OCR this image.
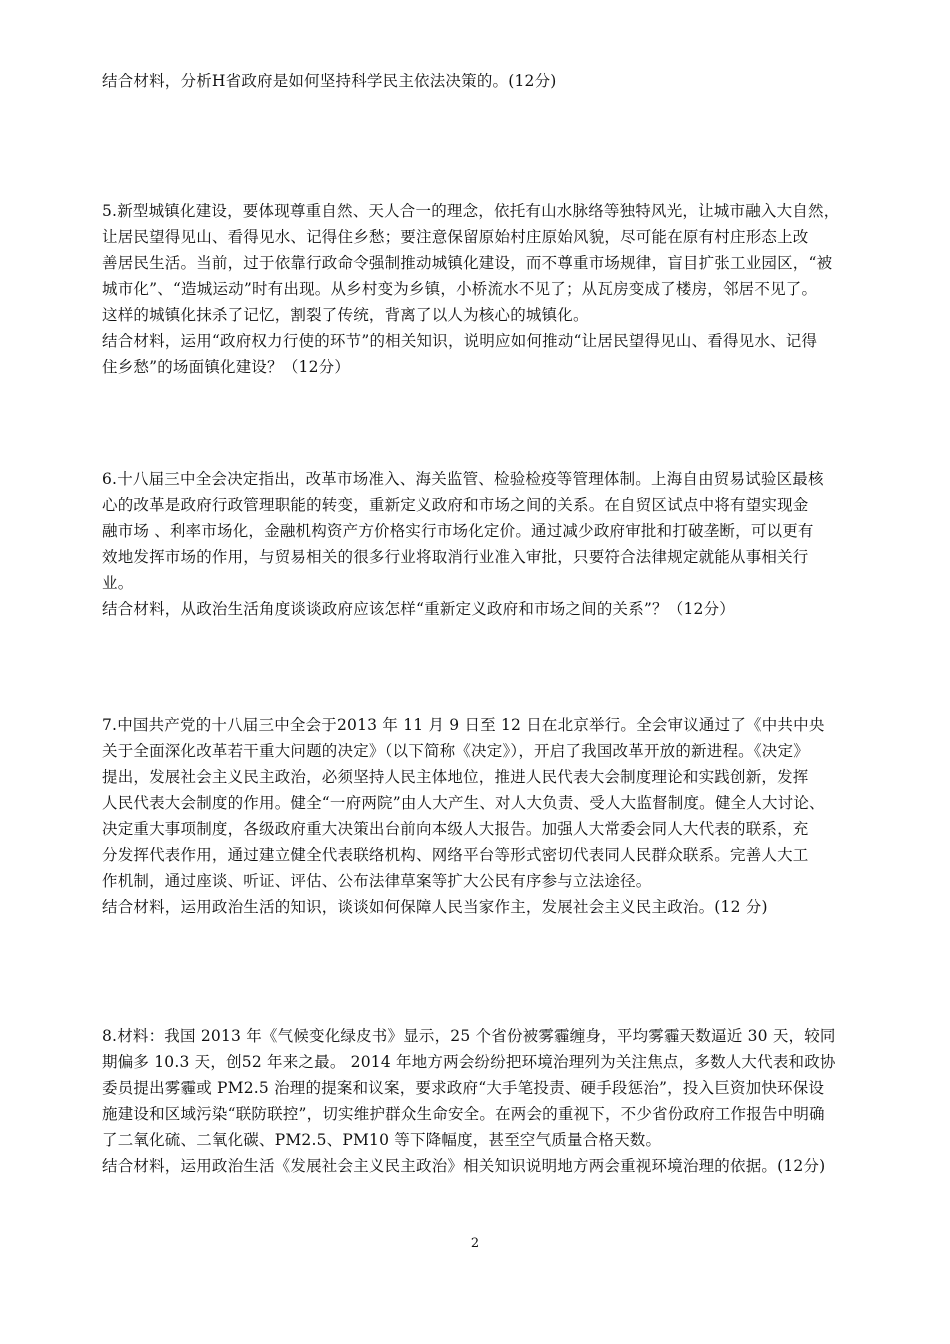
结合材料，分析H省政府是如何坚持科学民主依法决策的。(12分)
5.新型城镇化建设，要体现尊重自然、天人合一的理念，依托有山水脉络等独特风光，让城市融入大自然，
让居民望得见山、看得见水、记得住乡愁；要注意保留原始村庄原始风貌，尽可能在原有村庄形态上改
善居民生活。当前，过于依靠行政命令强制推动城镇化建设，而不尊重市场规律，盲目扩张工业园区，“被
城市化”、“造城运动”时有出现。从乡村变为乡镇，小桥流水不见了；从瓦房变成了楼房，邻居不见了。
这样的城镇化抹杀了记忆，割裂了传统，背离了以人为核心的城镇化。
结合材料，运用“政府权力行使的环节”的相关知识，说明应如何推动“让居民望得见山、看得见水、记得
住乡愁”的场面镇化建设？（12分）
6.十八届三中全会决定指出，改革市场准入、海关监管、检验检疫等管理体制。上海自由贸易试验区最核
心的改革是政府行政管理职能的转变，重新定义政府和市场之间的关系。在自贸区试点中将有望实现金
融市场 、利率市场化，金融机构资产方价格实行市场化定价。通过减少政府审批和打破垄断，可以更有
效地发挥市场的作用，与贸易相关的很多行业将取消行业准入审批，只要符合法律规定就能从事相关行
业。
结合材料，从政治生活角度谈谈政府应该怎样“重新定义政府和市场之间的关系”？（12分）
7.中国共产党的十八届三中全会于2013 年 11 月 9 日至 12 日在北京举行。全会审议通过了《中共中央
关于全面深化改革若干重大问题的决定》（以下简称《决定》），开启了我国改革开放的新进程。《决定》
提出，发展社会主义民主政治，必须坚持人民主体地位，推进人民代表大会制度理论和实践创新，发挥
人民代表大会制度的作用。健全“一府两院”由人大产生、对人大负责、受人大监督制度。健全人大讨论、
决定重大事项制度，各级政府重大决策出台前向本级人大报告。加强人大常委会同人大代表的联系，充
分发挥代表作用，通过建立健全代表联络机构、网络平台等形式密切代表同人民群众联系。完善人大工
作机制，通过座谈、听证、评估、公布法律草案等扩大公民有序参与立法途径。
结合材料，运用政治生活的知识，谈谈如何保障人民当家作主，发展社会主义民主政治。(12 分)
8.材料：我国 2013 年《气候变化绿皮书》显示，25 个省份被雾霾缠身，平均雾霾天数逼近 30 天，较同
期偏多 10.3 天，创52 年来之最。 2014 年地方两会纷纷把环境治理列为关注焦点，多数人大代表和政协
委员提出雾霾或 PM2.5 治理的提案和议案，要求政府“大手笔投责、硬手段惩治”，投入巨资加快环保设
施建设和区域污染“联防联控”，切实维护群众生命安全。在两会的重视下，不少省份政府工作报告中明确
了二氧化硫、二氧化碳、PM2.5、PM10 等下降幅度，甚至空气质量合格天数。
结合材料，运用政治生活《发展社会主义民主政治》相关知识说明地方两会重视环境治理的依据。(12分)
2
